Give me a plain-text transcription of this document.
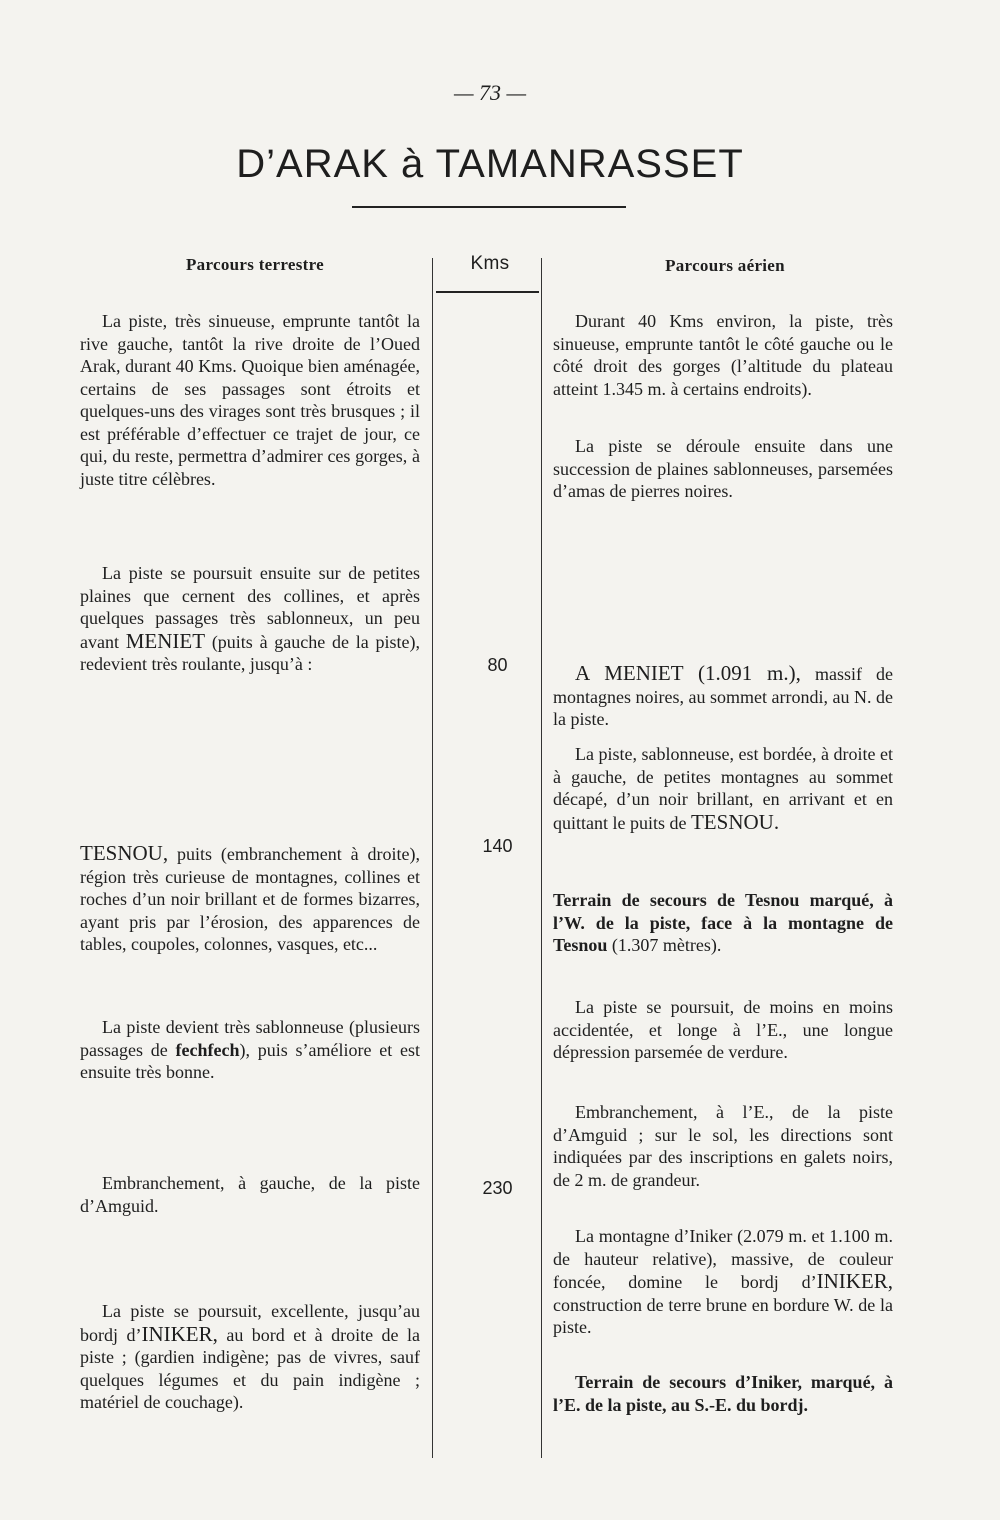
— 73 —
D’ARAK à TAMANRASSET
Parcours terrestre	Kms	Parcours aérien
80
140
230

La piste, très sinueuse, emprunte tantôt la rive gauche, tantôt la rive droite de l’Oued Arak, durant 40 Kms. Quoique bien aménagée, certains de ses passages sont étroits et quelques-uns des virages sont très brusques ; il est préférable d’effectuer ce trajet de jour, ce qui, du reste, permettra d’admirer ces gorges, à juste titre célèbres.

La piste se poursuit ensuite sur de petites plaines que cernent des collines, et après quelques passages très sablonneux, un peu avant MENIET (puits à gauche de la piste), redevient très roulante, jusqu’à :

TESNOU, puits (embranchement à droite), région très curieuse de montagnes, collines et roches d’un noir brillant et de formes bizarres, ayant pris par l’érosion, des apparences de tables, coupoles, colonnes, vasques, etc...

La piste devient très sablonneuse (plusieurs passages de fechfech), puis s’améliore et est ensuite très bonne.

Embranchement, à gauche, de la piste d’Amguid.

La piste se poursuit, excellente, jusqu’au bordj d’INIKER, au bord et à droite de la piste ; (gardien indigène; pas de vivres, sauf quelques légumes et du pain indigène ; matériel de couchage).

Durant 40 Kms environ, la piste, très sinueuse, emprunte tantôt le côté gauche ou le côté droit des gorges (l’altitude du plateau atteint 1.345 m. à certains endroits).

La piste se déroule ensuite dans une succession de plaines sablonneuses, parsemées d’amas de pierres noires.

A MENIET (1.091 m.), massif de montagnes noires, au sommet arrondi, au N. de la piste.

La piste, sablonneuse, est bordée, à droite et à gauche, de petites montagnes au sommet décapé, d’un noir brillant, en arrivant et en quittant le puits de TESNOU.

Terrain de secours de Tesnou marqué, à l’W. de la piste, face à la montagne de Tesnou (1.307 mètres).

La piste se poursuit, de moins en moins accidentée, et longe à l’E., une longue dépression parsemée de verdure.

Embranchement, à l’E., de la piste d’Amguid ; sur le sol, les directions sont indiquées par des inscriptions en galets noirs, de 2 m. de grandeur.

La montagne d’Iniker (2.079 m. et 1.100 m. de hauteur relative), massive, de couleur foncée, domine le bordj d’INIKER, construction de terre brune en bordure W. de la piste.

Terrain de secours d’Iniker, marqué, à l’E. de la piste, au S.-E. du bordj.
